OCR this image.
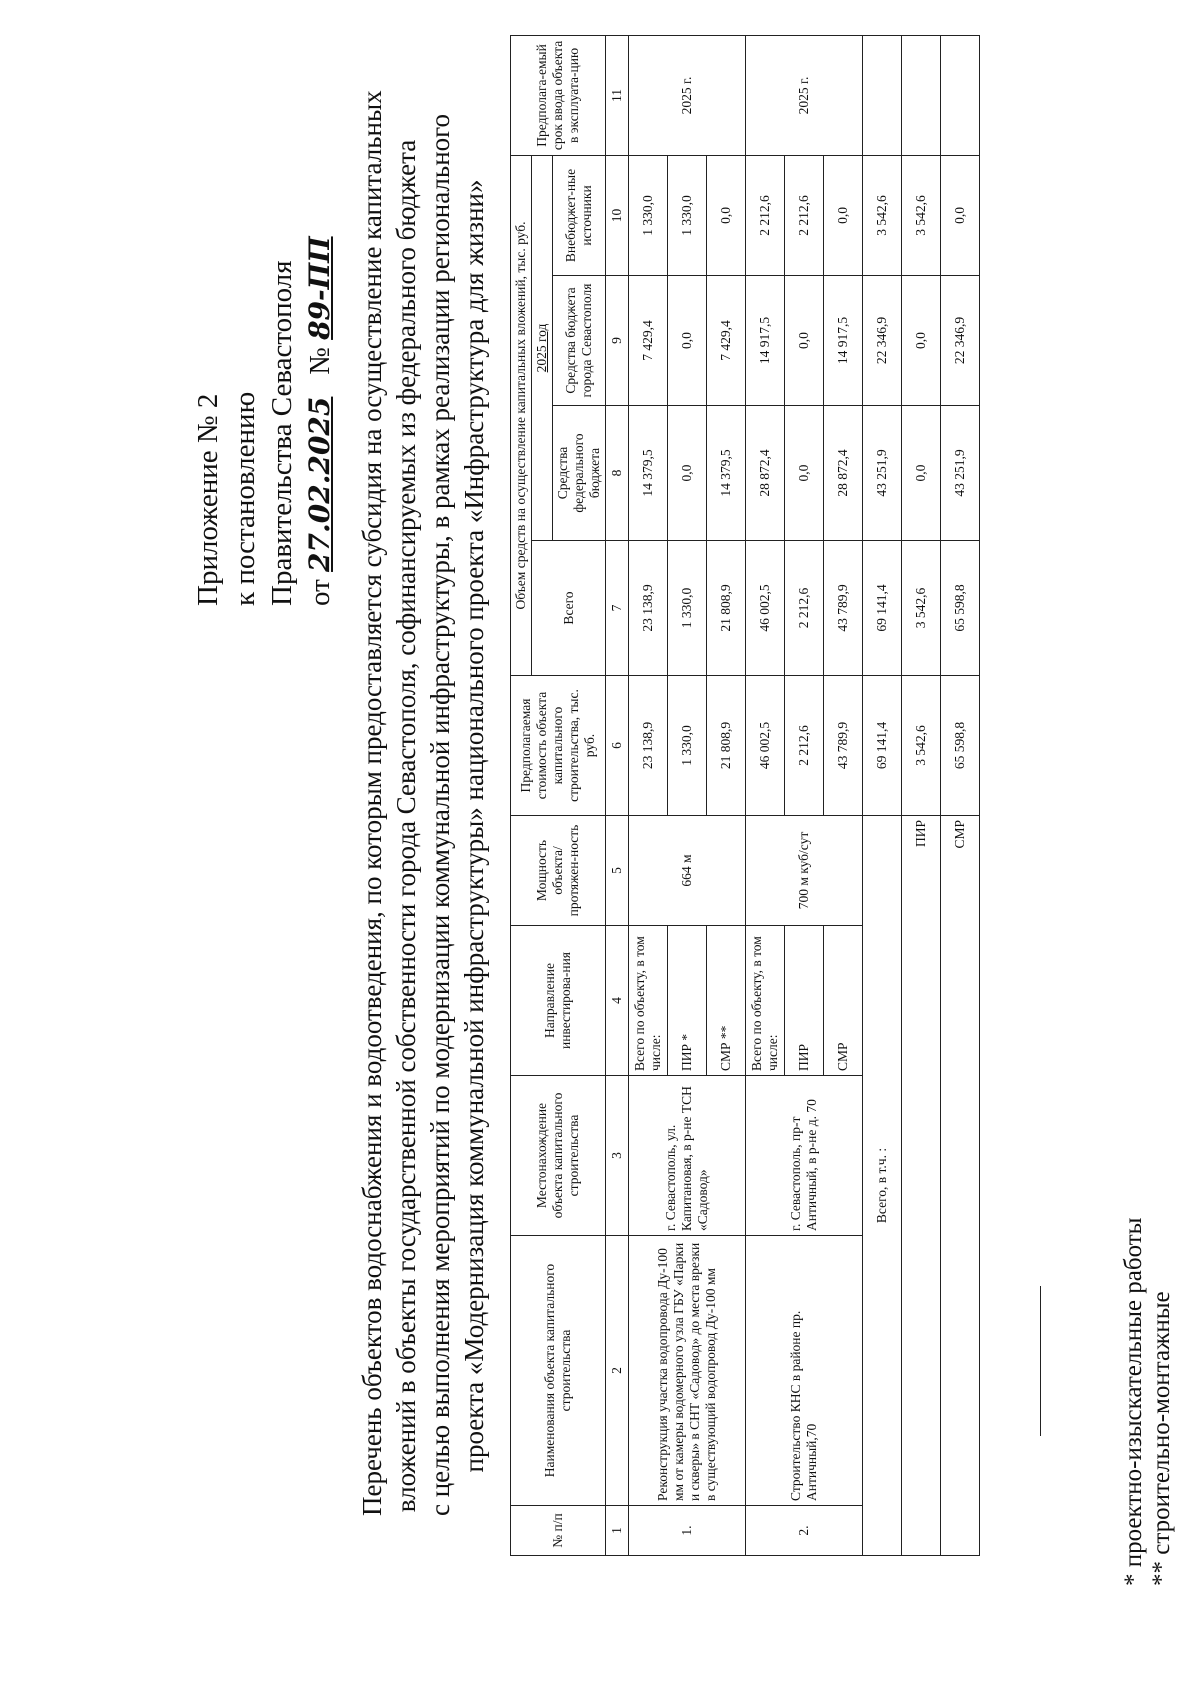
Приложение № 2 к постановлению Правительства Севастополя от 27.02.2025   № 89-ПП Перечень объектов водоснабжения и водоотведения, по которым предоставляется субсидия на осуществление капитальных вложений в объекты государственной собственности города Севастополя, софинансируемых из федерального бюджета с целью выполнения мероприятий по модернизации коммунальной инфраструктуры, в рамках реализации регионального проекта «Модернизация коммунальной инфраструктуры» национального проекта «Инфраструктура для жизни»
№ п/п	Наименования объекта капитального строительства	Местонахождение объекта капитального строительства	Направление инвестирова-ния	Мощность объекта/ протяжен-ность	Предполагаемая стоимость объекта капитального строительства, тыс. руб.	Объем средств на осуществление капитальных вложений, тыс. руб.				Предполага-емый срок ввода объекта в эксплуата-цию
						Всего	2025 год			
							Средства федерального бюджета	Средства бюджета города Севастополя	Внебюджет-ные источники	
1	2	3	4	5	6	7	8	9	10	11
1.	Реконструкция участка водопровода Ду-100 мм от камеры водомерного узла ГБУ «Парки и скверы» в СНТ «Садовод» до места врезки в существующий водопровод Ду-100 мм	г. Севастополь, ул. Капитановая, в р-не ТСН «Садовод»	Всего по объекту, в том числе:	664 м	23 138,9	23 138,9	14 379,5	7 429,4	1 330,0	2025 г.
			ПИР *		1 330,0	1 330,0	0,0	0,0	1 330,0	
			СМР **		21 808,9	21 808,9	14 379,5	7 429,4	0,0	
2.	Строительство КНС в районе пр. Античный,70	г. Севастополь, пр-т Античный, в р-не д. 70	Всего по объекту, в том числе:	700 м куб/сут	46 002,5	46 002,5	28 872,4	14 917,5	2 212,6	2025 г.
			ПИР		2 212,6	2 212,6	0,0	0,0	2 212,6	
			СМР		43 789,9	43 789,9	28 872,4	14 917,5	0,0	
Всего, в т.ч. :					69 141,4	69 141,4	43 251,9	22 346,9	3 542,6	
ПИР					3 542,6	3 542,6	0,0	0,0	3 542,6	
СМР					65 598,8	65 598,8	43 251,9	22 346,9	0,0	
* проектно-изыскательные работы ** строительно-монтажные
